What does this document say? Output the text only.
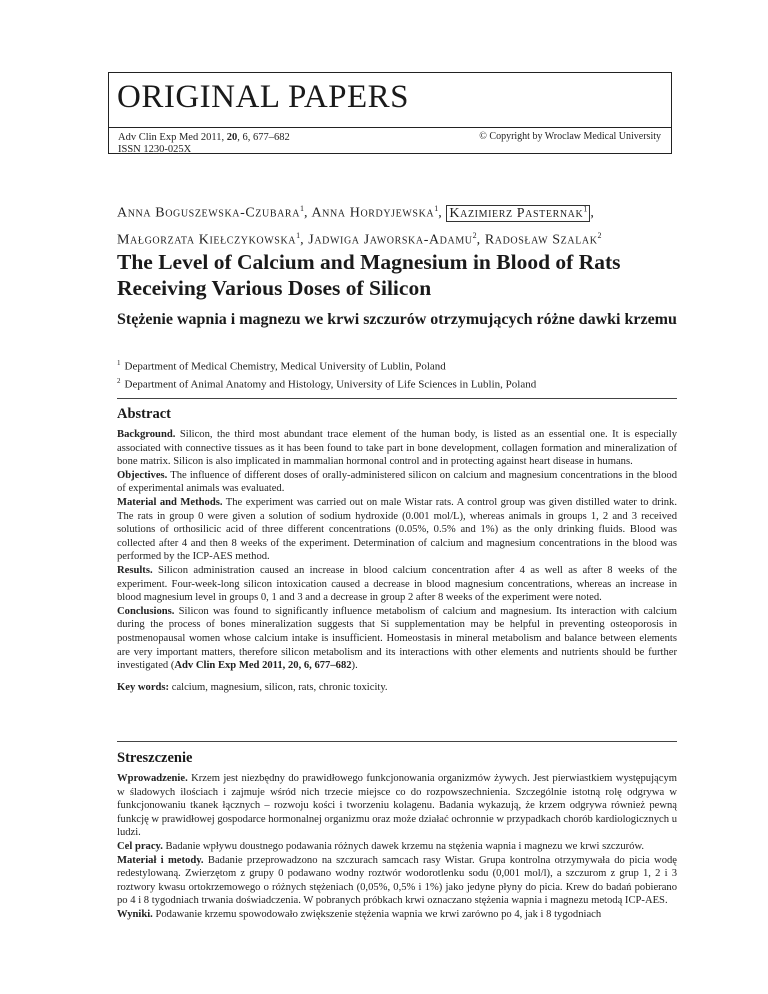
ORIGINAL PAPERS
Adv Clin Exp Med 2011, 20, 6, 677–682
ISSN 1230-025X
© Copyright by Wroclaw Medical University
Anna Boguszewska-Czubara$^1$, Anna Hordyjewska$^1$, Kazimierz Pasternak$^1$ ,
Małgorzata Kiełczykowska$^1$, Jadwiga Jaworska-Adamu$^2$, Radosław Szalak$^2$
The Level of Calcium and Magnesium in Blood of Rats Receiving Various Doses of Silicon
Stężenie wapnia i magnezu we krwi szczurów otrzymujących różne dawki krzemu
$^1$ Department of Medical Chemistry, Medical University of Lublin, Poland
$^2$ Department of Animal Anatomy and Histology, University of Life Sciences in Lublin, Poland
Abstract

Background. Silicon, the third most abundant trace element of the human body, is listed as an essential one. It is especially associated with connective tissues as it has been found to take part in bone development, collagen formation and mineralization of bone matrix. Silicon is also implicated in mammalian hormonal control and in protecting against heart disease in humans.
Objectives. The influence of different doses of orally-administered silicon on calcium and magnesium concentrations in the blood of experimental animals was evaluated.
Material and Methods. The experiment was carried out on male Wistar rats. A control group was given distilled water to drink. The rats in group 0 were given a solution of sodium hydroxide (0.001 mol/L), whereas animals in groups 1, 2 and 3 received solutions of orthosilicic acid of three different concentrations (0.05%, 0.5% and 1%) as the only drinking fluids. Blood was collected after 4 and then 8 weeks of the experiment. Determination of calcium and magnesium concentrations in the blood was performed by the ICP-AES method.
Results. Silicon administration caused an increase in blood calcium concentration after 4 as well as after 8 weeks of the experiment. Four-week-long silicon intoxication caused a decrease in blood magnesium concentrations, whereas an increase in blood magnesium level in groups 0, 1 and 3 and a decrease in group 2 after 8 weeks of the experiment were noted.
Conclusions. Silicon was found to significantly influence metabolism of calcium and magnesium. Its interaction with calcium during the process of bones mineralization suggests that Si supplementation may be helpful in preventing osteoporosis in postmenopausal women whose calcium intake is insufficient. Homeostasis in mineral metabolism and balance between elements are very important matters, therefore silicon metabolism and its interactions with other elements and nutrients should be further investigated (Adv Clin Exp Med 2011, 20, 6, 677–682).

Key words: calcium, magnesium, silicon, rats, chronic toxicity.

Streszczenie

Wprowadzenie. Krzem jest niezbędny do prawidłowego funkcjonowania organizmów żywych. Jest pierwiastkiem występującym w śladowych ilościach i zajmuje wśród nich trzecie miejsce co do rozpowszechnienia. Szczególnie istotną rolę odgrywa w funkcjonowaniu tkanek łącznych – rozwoju kości i tworzeniu kolagenu. Badania wykazują, że krzem odgrywa również pewną funkcję w prawidłowej gospodarce hormonalnej organizmu oraz może działać ochronnie w przypadkach chorób kardiologicznych u ludzi.
Cel pracy. Badanie wpływu doustnego podawania różnych dawek krzemu na stężenia wapnia i magnezu we krwi szczurów.
Materiał i metody. Badanie przeprowadzono na szczurach samcach rasy Wistar. Grupa kontrolna otrzymywała do picia wodę redestylowaną. Zwierzętom z grupy 0 podawano wodny roztwór wodorotlenku sodu (0,001 mol/l), a szczurom z grup 1, 2 i 3 roztwory kwasu ortokrzemowego o różnych stężeniach (0,05%, 0,5% i 1%) jako jedyne płyny do picia. Krew do badań pobierano po 4 i 8 tygodniach trwania doświadczenia. W pobranych próbkach krwi oznaczano stężenia wapnia i magnezu metodą ICP-AES.
Wyniki. Podawanie krzemu spowodowało zwiększenie stężenia wapnia we krwi zarówno po 4, jak i 8 tygodniach
